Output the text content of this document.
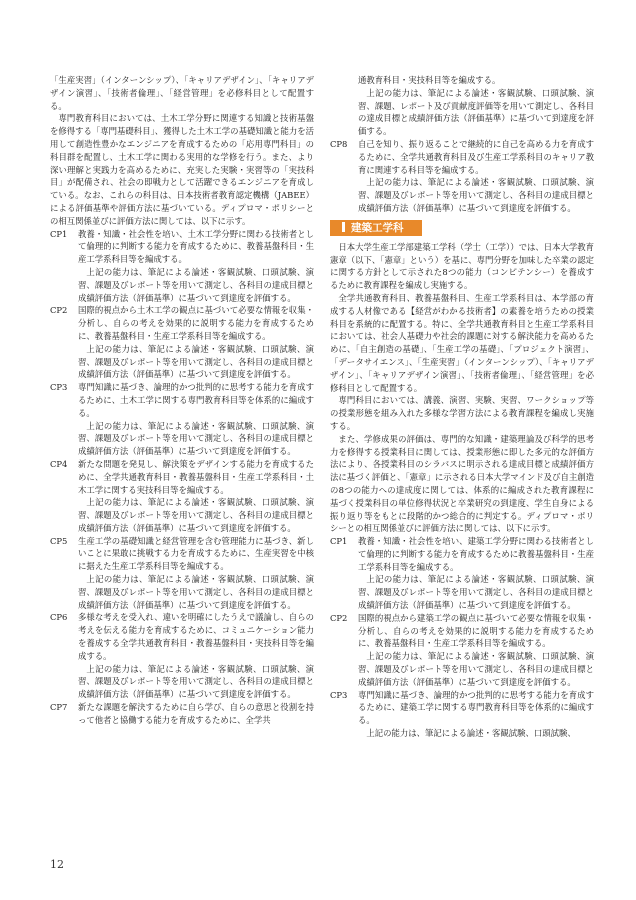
「生産実習」（インターンシップ）、「キャリアデザイン」、「キャリアデザイン演習」、「技術者倫理」、「経営管理」を必修科目として配置する。

専門教育科目においては、土木工学分野に関連する知識と技術基盤を修得する「専門基礎科目」、獲得した土木工学の基礎知識と能力を活用して創造性豊かなエンジニアを育成するための「応用専門科目」の科目群を配置し、土木工学に関わる実用的な学修を行う。また、より深い理解と実践力を高めるために、充実した実験・実習等の「実技科目」が配備され、社会の即戦力として活躍できるエンジニアを育成している。なお、これらの科目は、日本技術者教育認定機構（JABEE）による評価基準や評価方法に基づいている。ディプロマ・ポリシーとの相互関係並びに評価方法に関しては、以下に示す。

CP1	教養・知識・社会性を培い、土木工学分野に関わる技術者として倫理的に判断する能力を育成するために、教養基盤科目・生産工学系科目等を編成する。

上記の能力は、筆記による論述・客観試験、口頭試験、演習、課題及びレポート等を用いて測定し、各科目の達成目標と成績評価方法（評価基準）に基づいて到達度を評価する。

CP2	国際的視点から土木工学の観点に基づいて必要な情報を収集・分析し、自らの考えを効果的に説明する能力を育成するために、教養基盤科目・生産工学系科目等を編成する。

上記の能力は、筆記による論述・客観試験、口頭試験、演習、課題及びレポート等を用いて測定し、各科目の達成目標と成績評価方法（評価基準）に基づいて到達度を評価する。

CP3	専門知識に基づき、論理的かつ批判的に思考する能力を育成するために、土木工学に関する専門教育科目等を体系的に編成する。

上記の能力は、筆記による論述・客観試験、口頭試験、演習、課題及びレポート等を用いて測定し、各科目の達成目標と成績評価方法（評価基準）に基づいて到達度を評価する。

CP4	新たな問題を発見し、解決策をデザインする能力を育成するために、全学共通教育科目・教養基盤科目・生産工学系科目・土木工学に関する実技科目等を編成する。

上記の能力は、筆記による論述・客観試験、口頭試験、演習、課題及びレポート等を用いて測定し、各科目の達成目標と成績評価方法（評価基準）に基づいて到達度を評価する。

CP5	生産工学の基礎知識と経営管理を含む管理能力に基づき、新しいことに果敢に挑戦する力を育成するために、生産実習を中核に据えた生産工学系科目等を編成する。

上記の能力は、筆記による論述・客観試験、口頭試験、演習、課題及びレポート等を用いて測定し、各科目の達成目標と成績評価方法（評価基準）に基づいて到達度を評価する。

CP6	多様な考えを受入れ、違いを明確にしたうえで議論し、自らの考えを伝える能力を育成するために、コミュニケーション能力を養成する全学共通教育科目・教養基盤科目・実技科目等を編成する。

上記の能力は、筆記による論述・客観試験、口頭試験、演習、課題及びレポート等を用いて測定し、各科目の達成目標と成績評価方法（評価基準）に基づいて到達度を評価する。

CP7	新たな課題を解決するために自ら学び、自らの意思と役割を持って他者と協働する能力を育成するために、全学共

通教育科目・実技科目等を編成する。

上記の能力は、筆記による論述・客観試験、口頭試験、演習、課題、レポート及び貢献度評価等を用いて測定し、各科目の達成目標と成績評価方法（評価基準）に基づいて到達度を評価する。

CP8	自己を知り、振り返ることで継続的に自己を高める力を育成するために、全学共通教育科目及び生産工学系科目のキャリア教育に関連する科目等を編成する。

上記の能力は、筆記による論述・客観試験、口頭試験、演習、課題及びレポート等を用いて測定し、各科目の達成目標と成績評価方法（評価基準）に基づいて到達度を評価する。

建築工学科

日本大学生産工学部建築工学科（学士（工学））では、日本大学教育憲章（以下、「憲章」という）を基に、専門分野を加味した卒業の認定に関する方針として示された8つの能力（コンピテンシー）を養成するために教育課程を編成し実施する。

全学共通教育科目、教養基盤科目、生産工学系科目は、本学部の育成する人材像である【経営がわかる技術者】の素養を培うための授業科目を系統的に配置する。特に、全学共通教育科目と生産工学系科目においては、社会人基礎力や社会的課題に対する解決能力を高めるために、「自主創造の基礎」、「生産工学の基礎」、「プロジェクト演習」、「データサイエンス」、「生産実習」（インターンシップ）、「キャリアデザイン」、「キャリアデザイン演習」、「技術者倫理」、「経営管理」を必修科目として配置する。

専門科目においては、講義、演習、実験、実習、ワークショップ等の授業形態を組み入れた多様な学習方法による教育課程を編成し実施する。

また、学修成果の評価は、専門的な知識・建築理論及び科学的思考力を修得する授業科目に関しては、授業形態に即した多元的な評価方法により、各授業科目のシラバスに明示される達成目標と成績評価方法に基づく評価と、「憲章」に示される日本大学マインド及び自主創造の8つの能力への達成度に関しては、体系的に編成された教育課程に基づく授業科目の単位修得状況と卒業研究の到達度、学生自身による振り返り等をもとに段階的かつ総合的に判定する。ディプロマ・ポリシーとの相互関係並びに評価方法に関しては、以下に示す。

CP1	教養・知識・社会性を培い、建築工学分野に関わる技術者として倫理的に判断する能力を育成するために教養基盤科目・生産工学系科目等を編成する。

上記の能力は、筆記による論述・客観試験、口頭試験、演習、課題及びレポート等を用いて測定し、各科目の達成目標と成績評価方法（評価基準）に基づいて到達度を評価する。

CP2	国際的視点から建築工学の観点に基づいて必要な情報を収集・分析し、自らの考えを効果的に説明する能力を育成するために、教養基盤科目・生産工学系科目等を編成する。

上記の能力は、筆記による論述・客観試験、口頭試験、演習、課題及びレポート等を用いて測定し、各科目の達成目標と成績評価方法（評価基準）に基づいて到達度を評価する。

CP3	専門知識に基づき、論理的かつ批判的に思考する能力を育成するために、建築工学に関する専門教育科目等を体系的に編成する。

上記の能力は、筆記による論述・客観試験、口頭試験、

12
